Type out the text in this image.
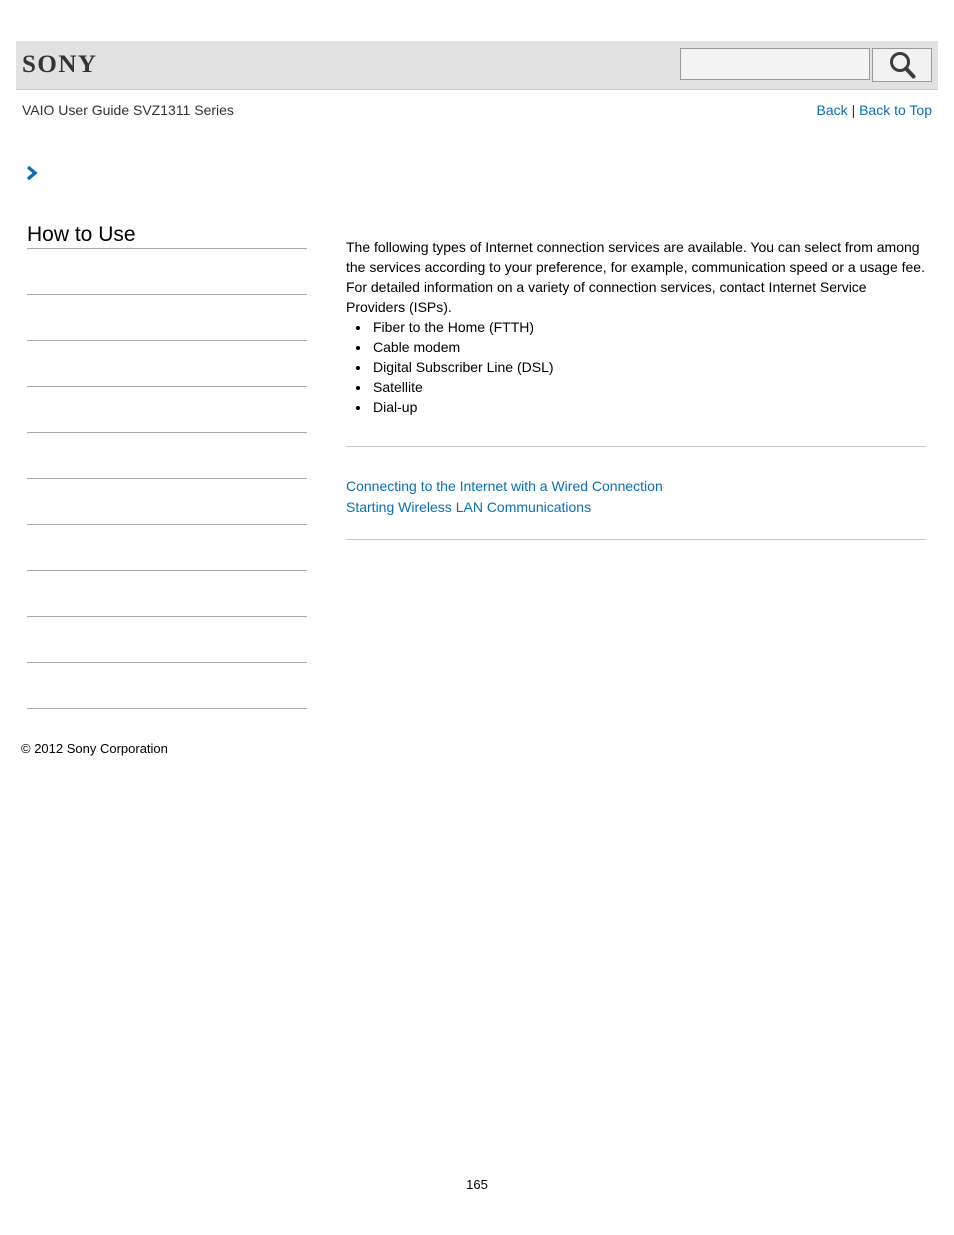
SONY
VAIO User Guide SVZ1311 Series	Back | Back to Top
How to Use

The following types of Internet connection services are available. You can select from among the services according to your preference, for example, communication speed or a usage fee. For detailed information on a variety of connection services, contact Internet Service Providers (ISPs).

Fiber to the Home (FTTH)
Cable modem
Digital Subscriber Line (DSL)
Satellite
Dial-up
Connecting to the Internet with a Wired Connection
Starting Wireless LAN Communications
© 2012 Sony Corporation
165
